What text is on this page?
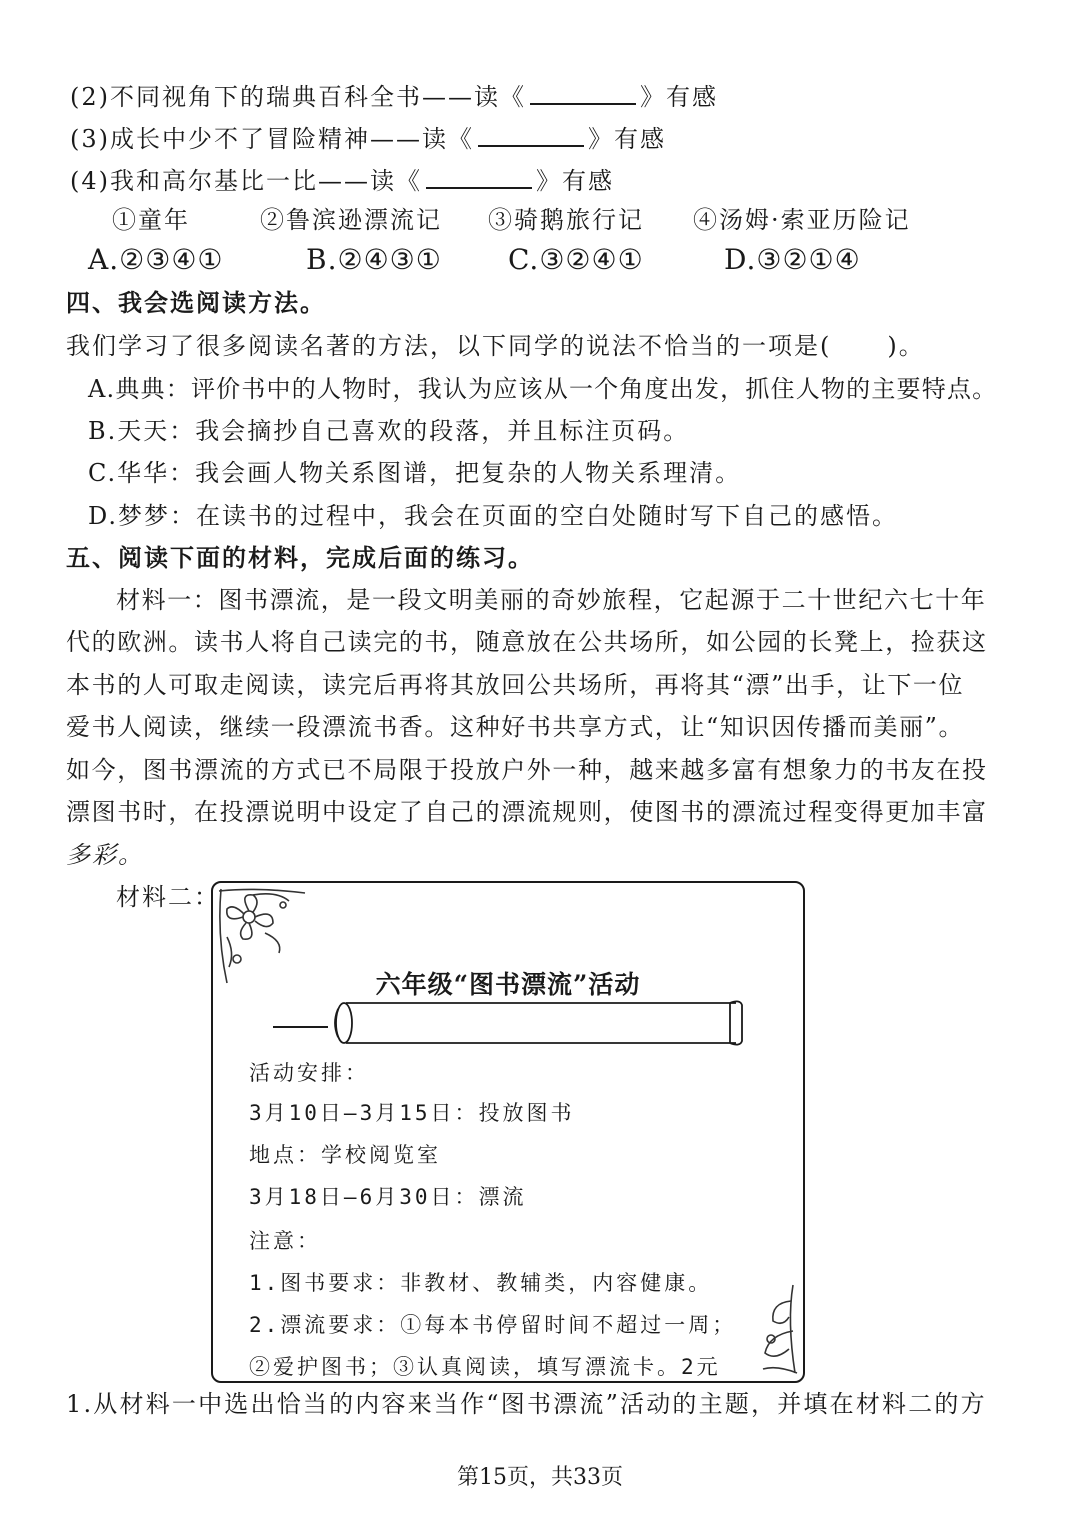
(2)不同视角下的瑞典百科全书——读《	》有感
(3)成长中少不了冒险精神——读《	》有感
(4)我和高尔基比一比——读《	》有感
①童年	②鲁滨逊漂流记 ③骑鹅旅行记 ④汤姆·索亚历险记
A.②③④①	B.②④③① C.③②④①	D.③②①④
四、我会选阅读方法。
我们学习了很多阅读名著的方法，以下同学的说法不恰当的一项是( )。
A.典典：评价书中的人物时，我认为应该从一个角度出发，抓住人物的主要特点。
B.天天：我会摘抄自己喜欢的段落，并且标注页码。
C.华华：我会画人物关系图谱，把复杂的人物关系理清。
D.梦梦：在读书的过程中，我会在页面的空白处随时写下自己的感悟。
五、阅读下面的材料，完成后面的练习。
材料一：图书漂流，是一段文明美丽的奇妙旅程，它起源于二十世纪六七十年
代的欧洲。读书人将自己读完的书，随意放在公共场所，如公园的长凳上，捡获这
本书的人可取走阅读，读完后再将其放回公共场所，再将其“漂”出手，让下一位
爱书人阅读，继续一段漂流书香。这种好书共享方式，让“知识因传播而美丽”。
如今，图书漂流的方式已不局限于投放户外一种，越来越多富有想象力的书友在投
漂图书时，在投漂说明中设定了自己的漂流规则，使图书的漂流过程变得更加丰富
多彩。
材料二：
六年级“图书漂流”活动
活动安排：
3月10日—3月15日：投放图书
地点：学校阅览室
3月18日—6月30日：漂流
注意：
1.图书要求：非教材、教辅类，内容健康。
2.漂流要求：①每本书停留时间不超过一周；
②爱护图书；③认真阅读，填写漂流卡。2元
1.从材料一中选出恰当的内容来当作“图书漂流”活动的主题，并填在材料二的方
第15页，共33页
